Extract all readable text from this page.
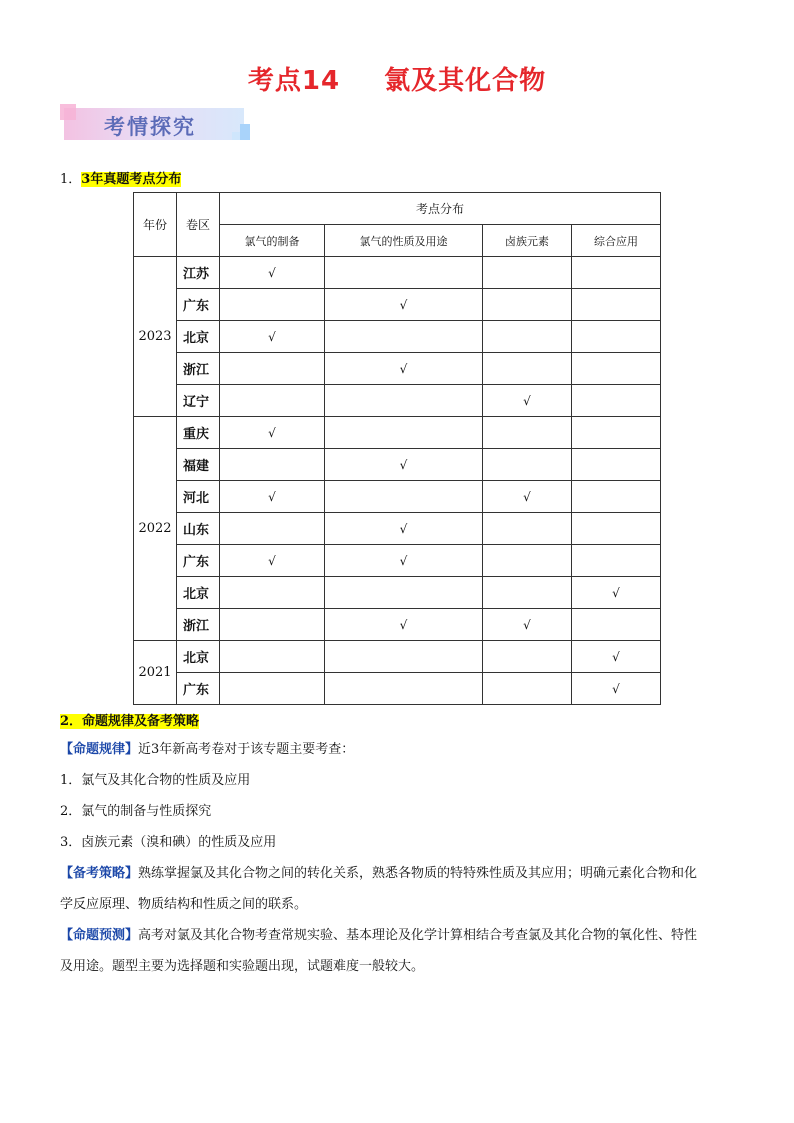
考点14 氯及其化合物
考情探究
1．3年真题考点分布
年份	卷区	考点分布			
		氯气的制备	氯气的性质及用途	卤族元素	综合应用
2023	江苏	√			
	广东		√		
	北京	√			
	浙江		√		
	辽宁			√	
2022	重庆	√			
	福建		√		
	河北	√		√	
	山东		√		
	广东	√	√		
	北京				√
	浙江		√	√	
2021	北京				√
	广东				√
2．命题规律及备考策略
【命题规律】近3年新高考卷对于该专题主要考查：
1．氯气及其化合物的性质及应用
2．氯气的制备与性质探究
3．卤族元素（溴和碘）的性质及应用
【备考策略】熟练掌握氯及其化合物之间的转化关系，熟悉各物质的特特殊性质及其应用；明确元素化合物和化
学反应原理、物质结构和性质之间的联系。
【命题预测】高考对氯及其化合物考查常规实验、基本理论及化学计算相结合考查氯及其化合物的氧化性、特性
及用途。题型主要为选择题和实验题出现，试题难度一般较大。
